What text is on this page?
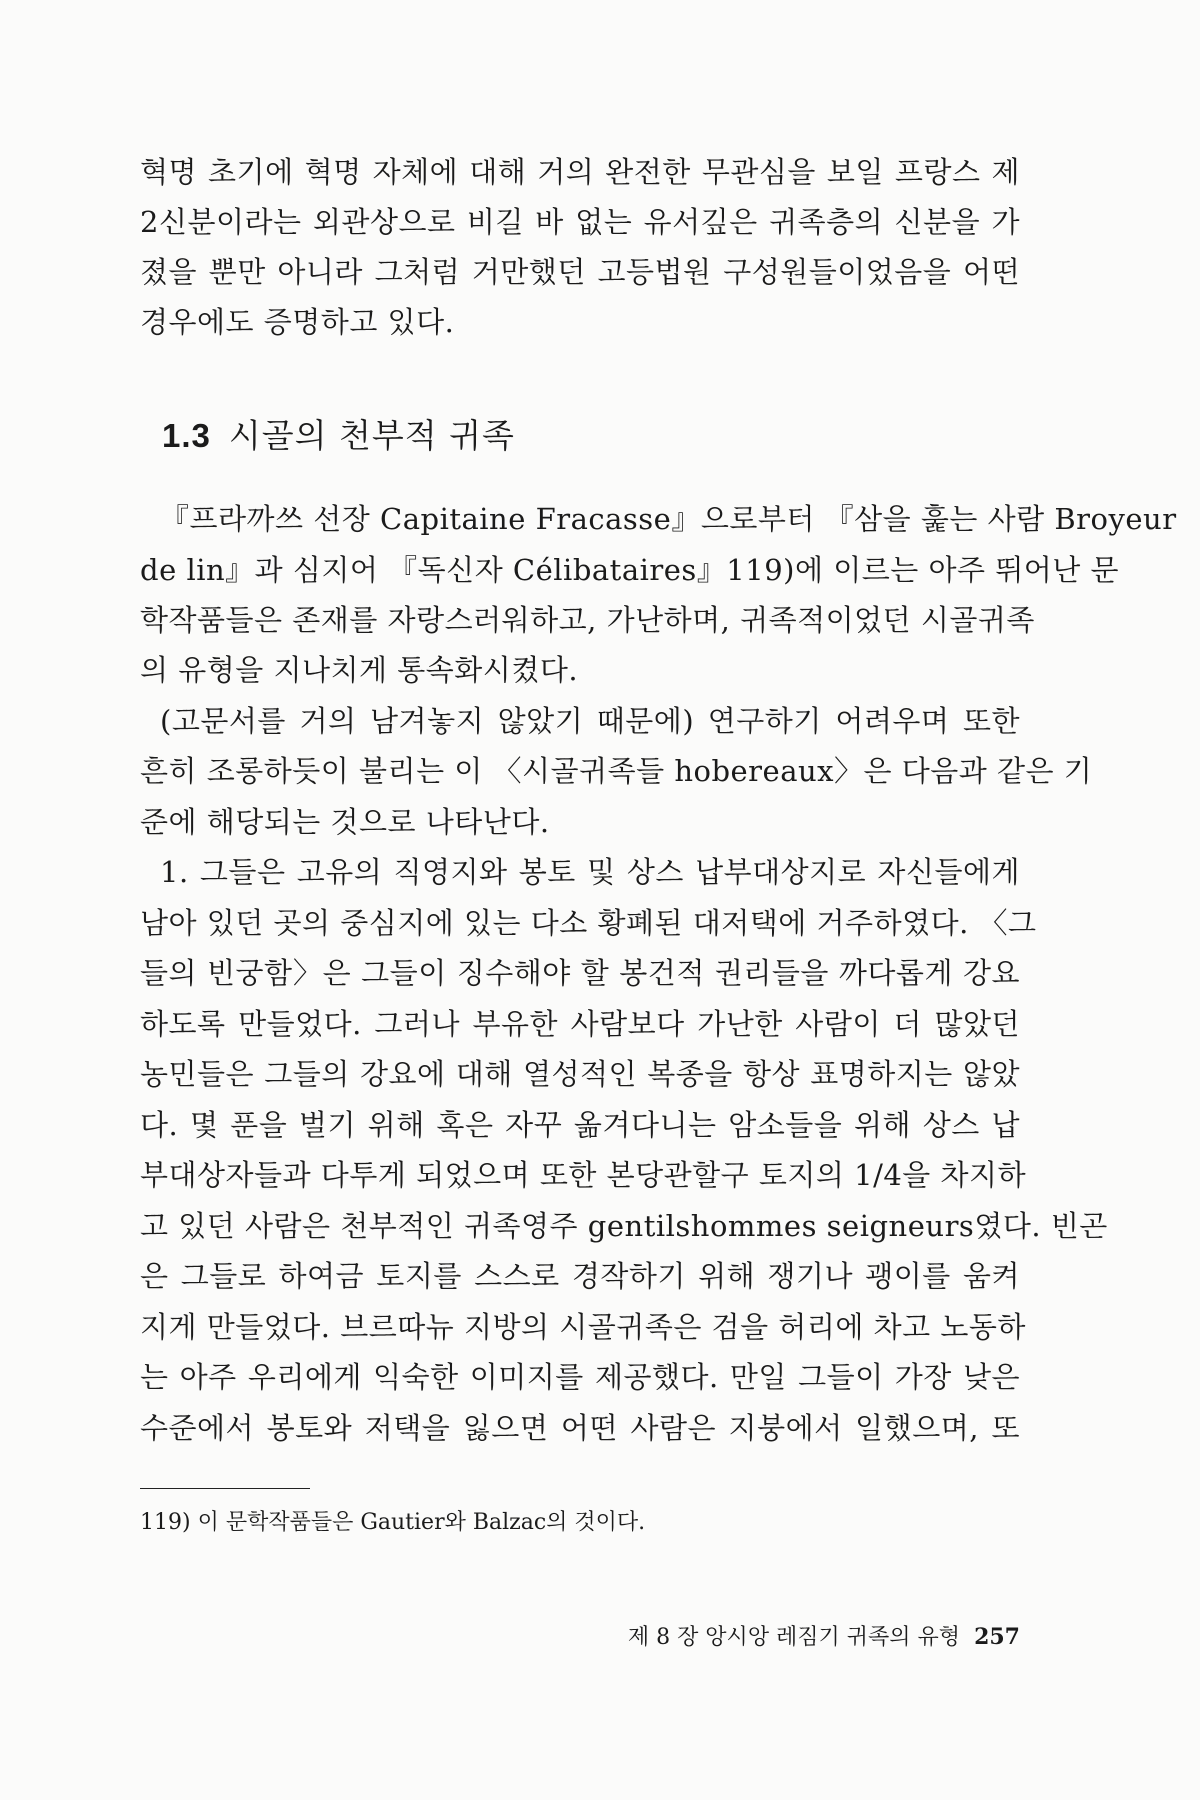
혁명 초기에 혁명 자체에 대해 거의 완전한 무관심을 보일 프랑스 제
2신분이라는 외관상으로 비길 바 없는 유서깊은 귀족층의 신분을 가
졌을 뿐만 아니라 그처럼 거만했던 고등법원 구성원들이었음을 어떤
경우에도 증명하고 있다.
1.3 시골의 천부적 귀족
『프라까쓰 선장 Capitaine Fracasse』으로부터 『삼을 훑는 사람 Broyeur
de lin』과 심지어 『독신자 Célibataires』119)에 이르는 아주 뛰어난 문
학작품들은 존재를 자랑스러워하고, 가난하며, 귀족적이었던 시골귀족
의 유형을 지나치게 통속화시켰다.
(고문서를 거의 남겨놓지 않았기 때문에) 연구하기 어려우며 또한
흔히 조롱하듯이 불리는 이 〈시골귀족들 hobereaux〉은 다음과 같은 기
준에 해당되는 것으로 나타난다.
1. 그들은 고유의 직영지와 봉토 및 상스 납부대상지로 자신들에게
남아 있던 곳의 중심지에 있는 다소 황폐된 대저택에 거주하였다. 〈그
들의 빈궁함〉은 그들이 징수해야 할 봉건적 권리들을 까다롭게 강요
하도록 만들었다. 그러나 부유한 사람보다 가난한 사람이 더 많았던
농민들은 그들의 강요에 대해 열성적인 복종을 항상 표명하지는 않았
다. 몇 푼을 벌기 위해 혹은 자꾸 옮겨다니는 암소들을 위해 상스 납
부대상자들과 다투게 되었으며 또한 본당관할구 토지의 1/4을 차지하
고 있던 사람은 천부적인 귀족영주 gentilshommes seigneurs였다. 빈곤
은 그들로 하여금 토지를 스스로 경작하기 위해 쟁기나 괭이를 움켜
지게 만들었다. 브르따뉴 지방의 시골귀족은 검을 허리에 차고 노동하
는 아주 우리에게 익숙한 이미지를 제공했다. 만일 그들이 가장 낮은
수준에서 봉토와 저택을 잃으면 어떤 사람은 지붕에서 일했으며, 또
119) 이 문학작품들은 Gautier와 Balzac의 것이다.
제 8 장 앙시앙 레짐기 귀족의 유형 257
